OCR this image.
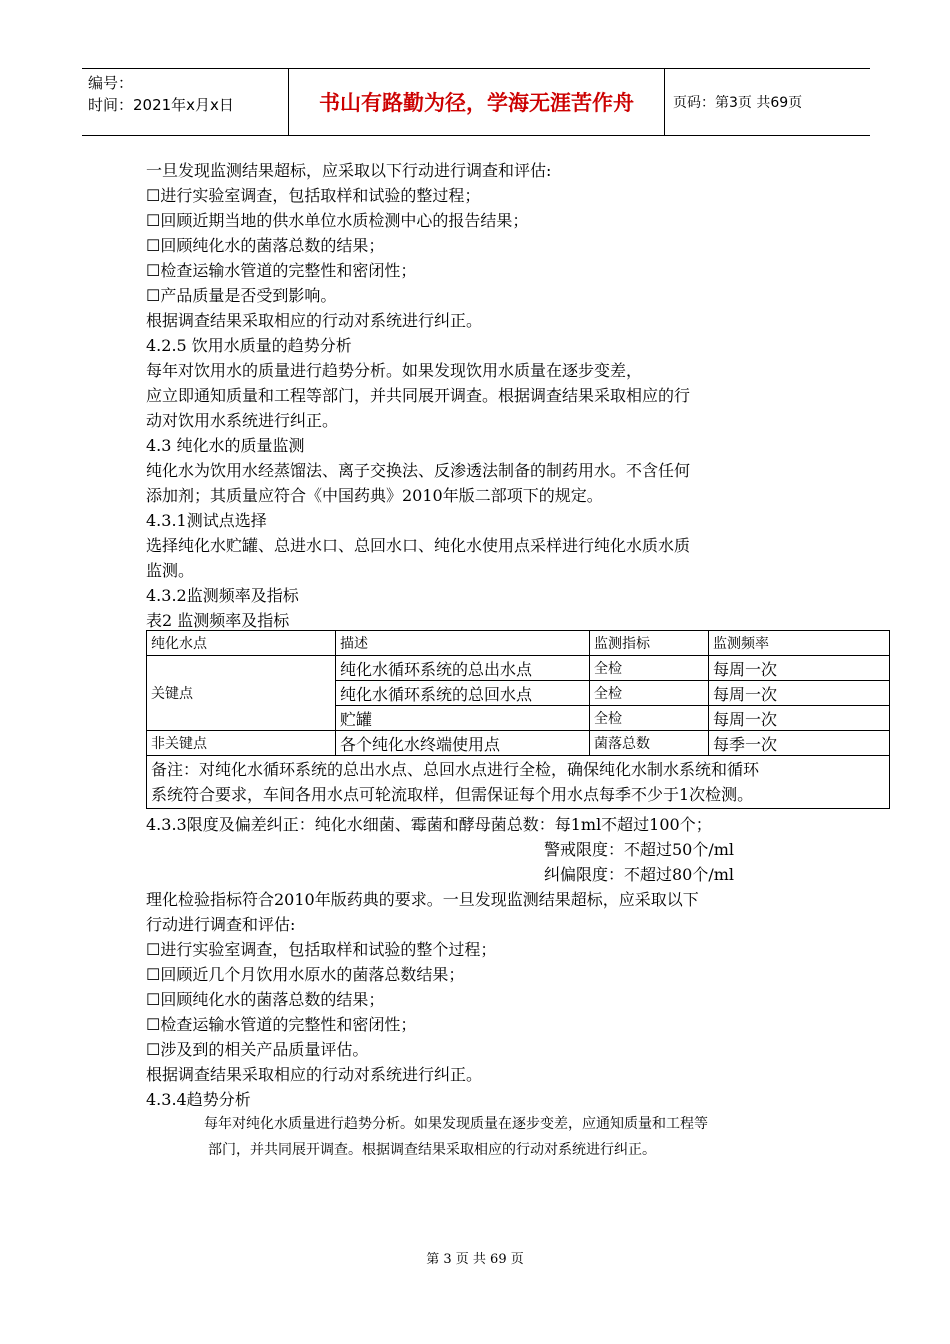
编号：
时间：2021年x月x日	书山有路勤为径，学海无涯苦作舟	页码：第3页 共69页
一旦发现监测结果超标，应采取以下行动进行调查和评估:
☐进行实验室调查，包括取样和试验的整过程；
☐回顾近期当地的供水单位水质检测中心的报告结果；
☐回顾纯化水的菌落总数的结果；
☐检查运输水管道的完整性和密闭性；
☐产品质量是否受到影响。
根据调查结果采取相应的行动对系统进行纠正。
4.2.5 饮用水质量的趋势分析
每年对饮用水的质量进行趋势分析。如果发现饮用水质量在逐步变差，
应立即通知质量和工程等部门，并共同展开调查。根据调查结果采取相应的行
动对饮用水系统进行纠正。
4.3 纯化水的质量监测
纯化水为饮用水经蒸馏法、离子交换法、反渗透法制备的制药用水。不含任何
添加剂；其质量应符合《中国药典》2010年版二部项下的规定。
4.3.1测试点选择
选择纯化水贮罐、总进水口、总回水口、纯化水使用点采样进行纯化水质水质
监测。
4.3.2监测频率及指标
表2 监测频率及指标
纯化水点	描述	监测指标	监测频率
关键点	纯化水循环系统的总出水点	全检	每周一次
	纯化水循环系统的总回水点	全检	每周一次
	贮罐	全检	每周一次
非关键点	各个纯化水终端使用点	菌落总数	每季一次

备注：对纯化水循环系统的总出水点、总回水点进行全检，确保纯化水制水系统和循环
系统符合要求，车间各用水点可轮流取样，但需保证每个用水点每季不少于1次检测。			
4.3.3限度及偏差纠正：纯化水细菌、霉菌和酵母菌总数：每1ml不超过100个；
警戒限度：不超过50个/ml
纠偏限度：不超过80个/ml
理化检验指标符合2010年版药典的要求。一旦发现监测结果超标，应采取以下
行动进行调查和评估:
☐进行实验室调查，包括取样和试验的整个过程；
☐回顾近几个月饮用水原水的菌落总数结果；
☐回顾纯化水的菌落总数的结果；
☐检查运输水管道的完整性和密闭性；
☐涉及到的相关产品质量评估。
根据调查结果采取相应的行动对系统进行纠正。
4.3.4趋势分析
每年对纯化水质量进行趋势分析。如果发现质量在逐步变差，应通知质量和工程等
部门，并共同展开调查。根据调查结果采取相应的行动对系统进行纠正。
第 3 页 共 69 页
